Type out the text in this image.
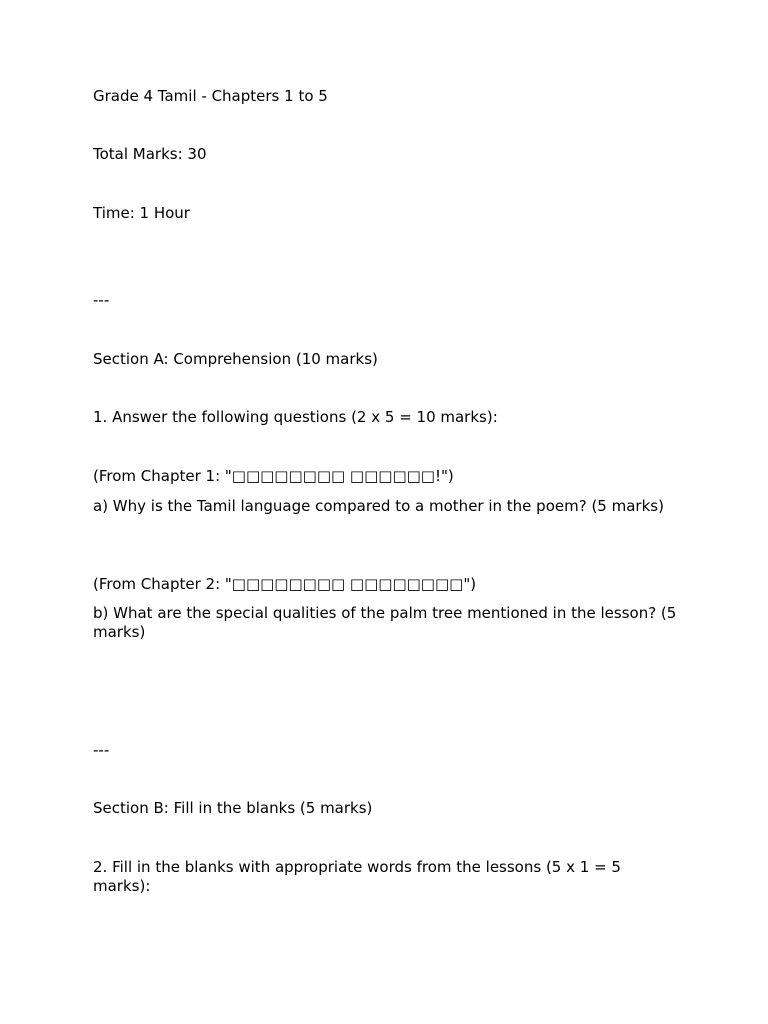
Grade 4 Tamil - Chapters 1 to 5
Total Marks: 30
Time: 1 Hour
---
Section A: Comprehension (10 marks)
1. Answer the following questions (2 x 5 = 10 marks):
(From Chapter 1: "□□□□□□□□ □□□□□□!")
a) Why is the Tamil language compared to a mother in the poem? (5 marks)
(From Chapter 2: "□□□□□□□□ □□□□□□□□")
b) What are the special qualities of the palm tree mentioned in the lesson? (5 marks)
---
Section B: Fill in the blanks (5 marks)
2. Fill in the blanks with appropriate words from the lessons (5 x 1 = 5 marks):
